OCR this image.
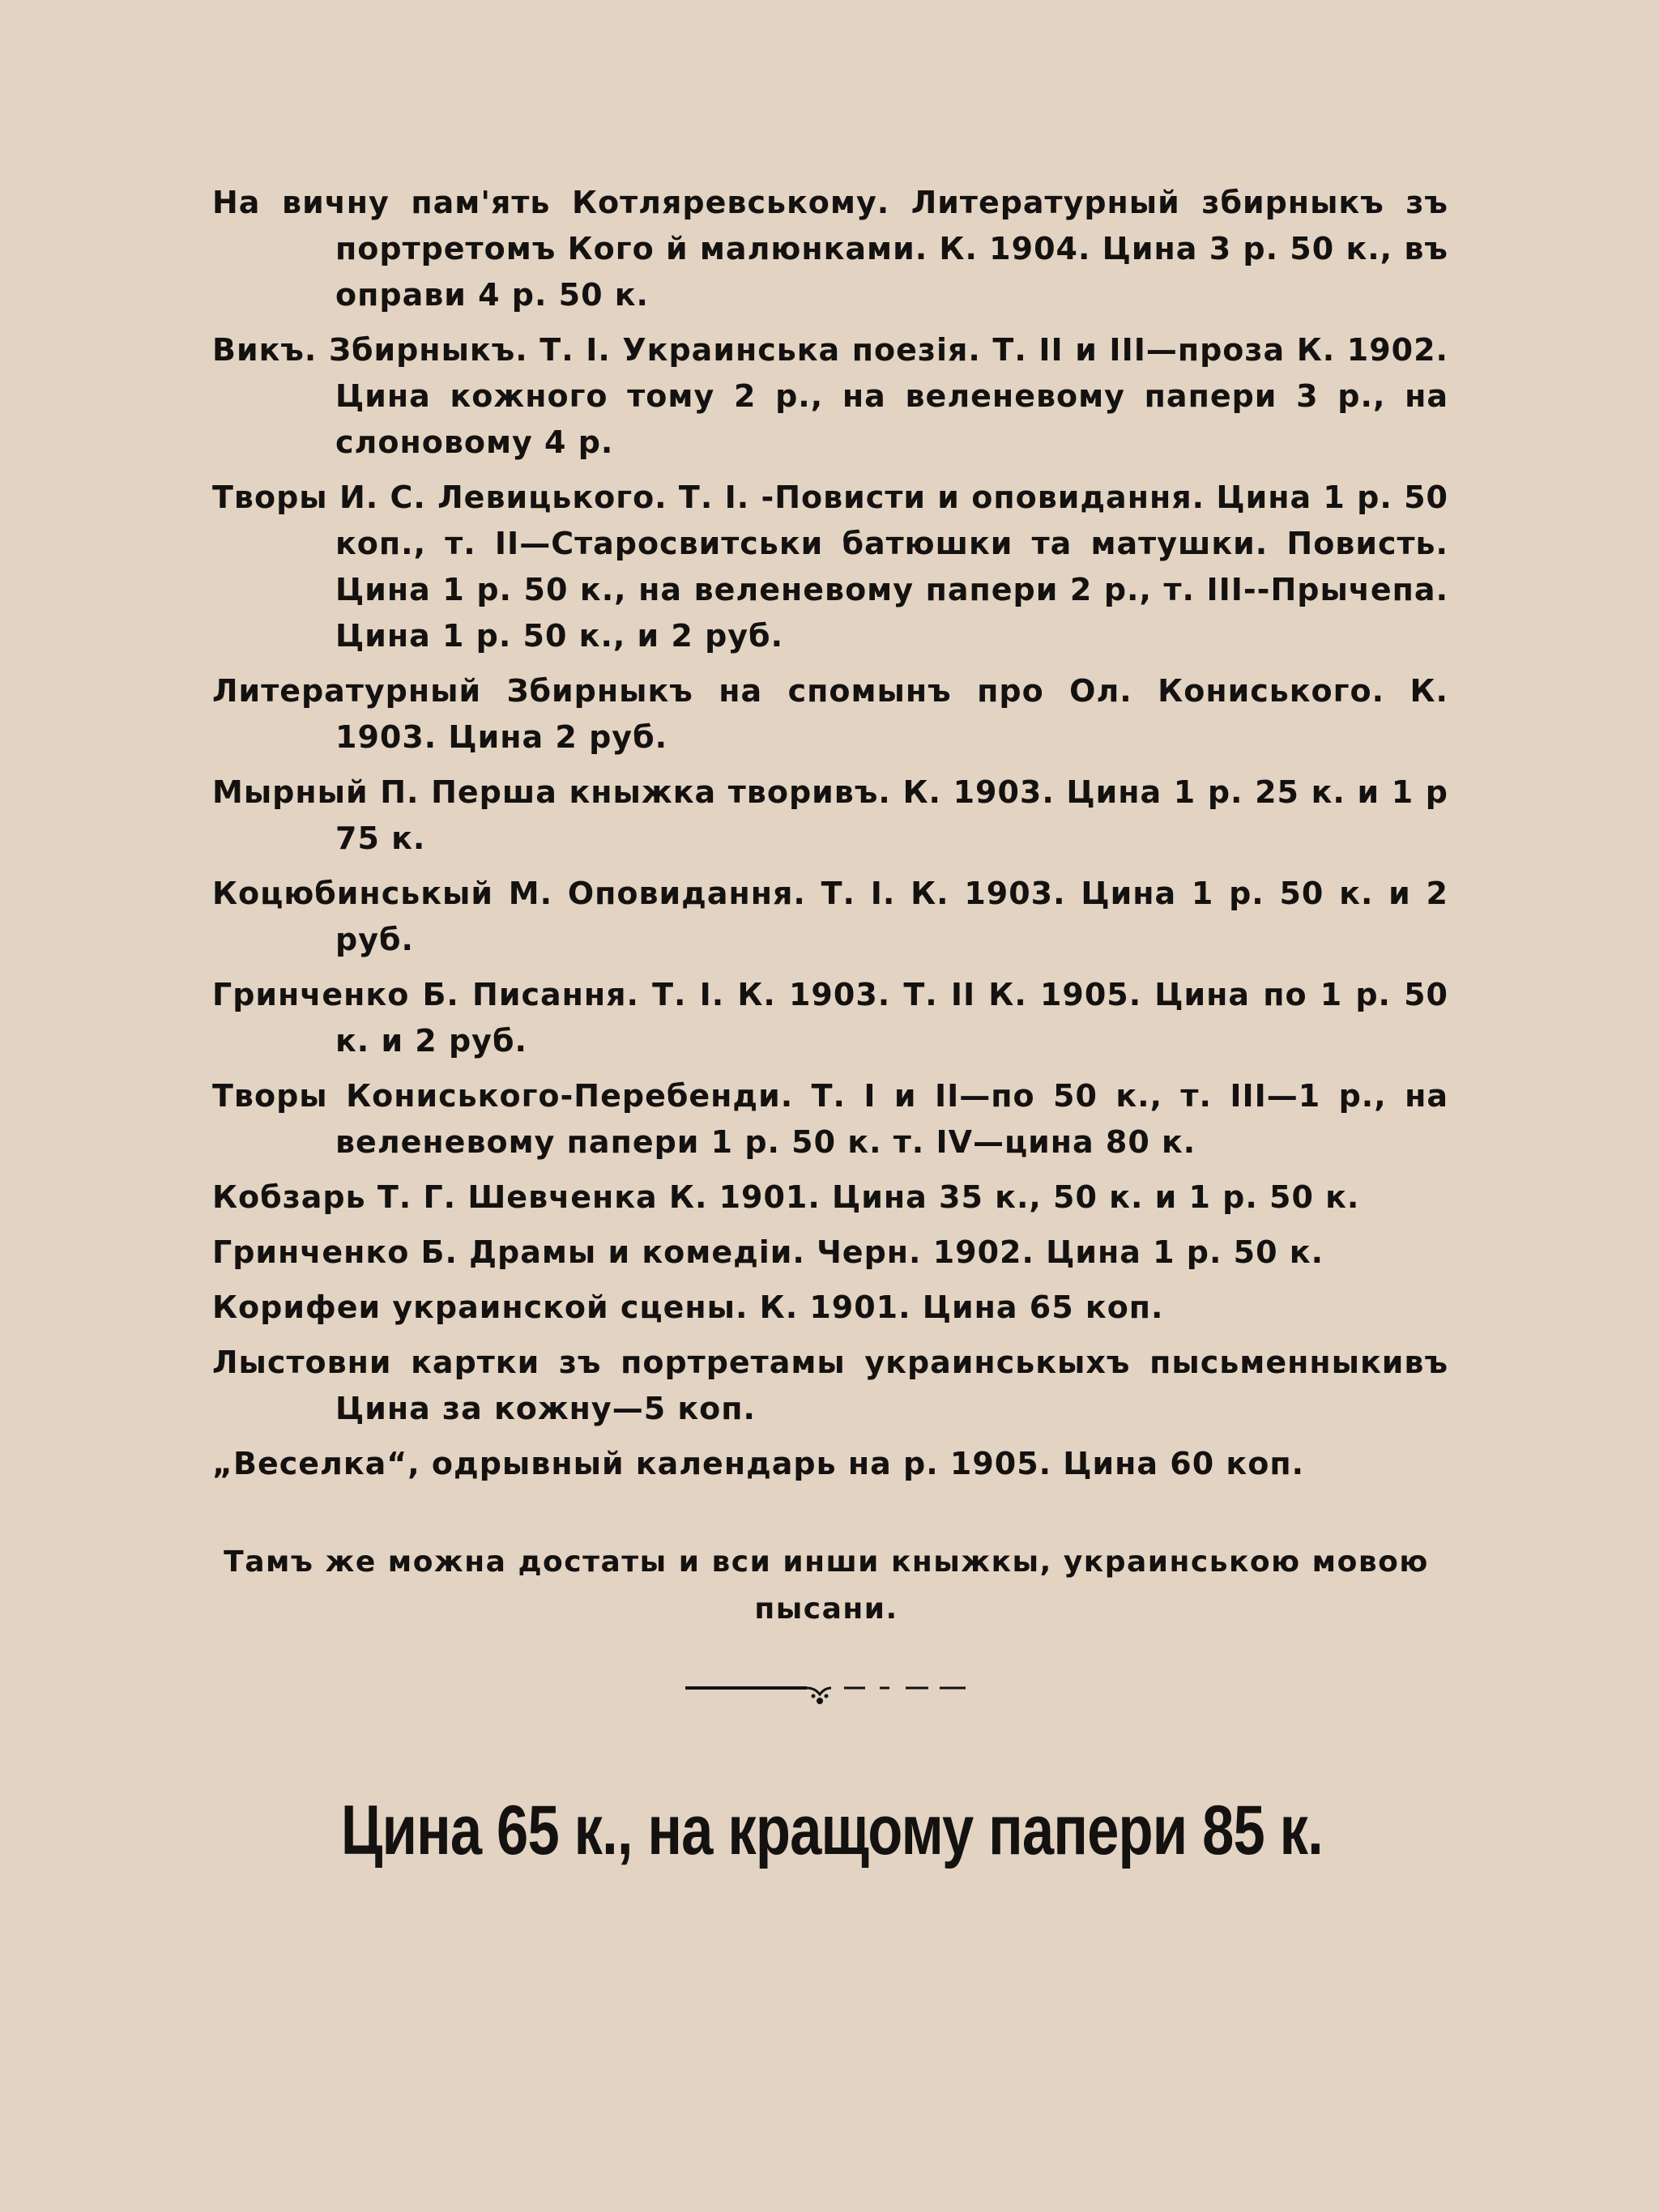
На вичну пам'ять Котляревському. Литературный збирныкъ зъ портретомъ Кого й малюнками. К. 1904. Цина 3 р. 50 к., въ оправи 4 р. 50 к.
Викъ. Збирныкъ. Т. I. Украинська поезія. Т. II и III—проза К. 1902. Цина кожного тому 2 р., на веленевому папери 3 р., на слоновому 4 р.
Творы И. С. Левицького. Т. I. -Повисти и оповидання. Цина 1 р. 50 коп., т. II—Старосвитськи батюшки та матушки. Повисть. Цина 1 р. 50 к., на веленевому папери 2 р., т. III--Прычепа. Цина 1 р. 50 к., и 2 руб.
Литературный Збирныкъ на спомынъ про Ол. Кониського. К. 1903. Цина 2 руб.
Мырный П. Перша кныжка творивъ. К. 1903. Цина 1 р. 25 к. и 1 р 75 к.
Коцюбинськый М. Оповидання. Т. I. К. 1903. Цина 1 р. 50 к. и 2 руб.
Гринченко Б. Писання. Т. I. К. 1903. Т. II К. 1905. Цина по 1 р. 50 к. и 2 руб.
Творы Кониського-Перебенди. Т. I и II—по 50 к., т. III—1 р., на веленевому папери 1 р. 50 к. т. IV—цина 80 к.
Кобзарь Т. Г. Шевченка К. 1901. Цина 35 к., 50 к. и 1 р. 50 к.
Гринченко Б. Драмы и комедіи. Черн. 1902. Цина 1 р. 50 к.
Корифеи украинской сцены. К. 1901. Цина 65 коп.
Лыстовни картки зъ портретамы украинськыхъ пысьменныкивъ Цина за кожну—5 коп.
„Веселка“, одрывный календарь на р. 1905. Цина 60 коп.

Тамъ же можна достаты и вси инши кныжкы, украинською мовою пысани.

Цина 65 к., на кращому папери 85 к.
